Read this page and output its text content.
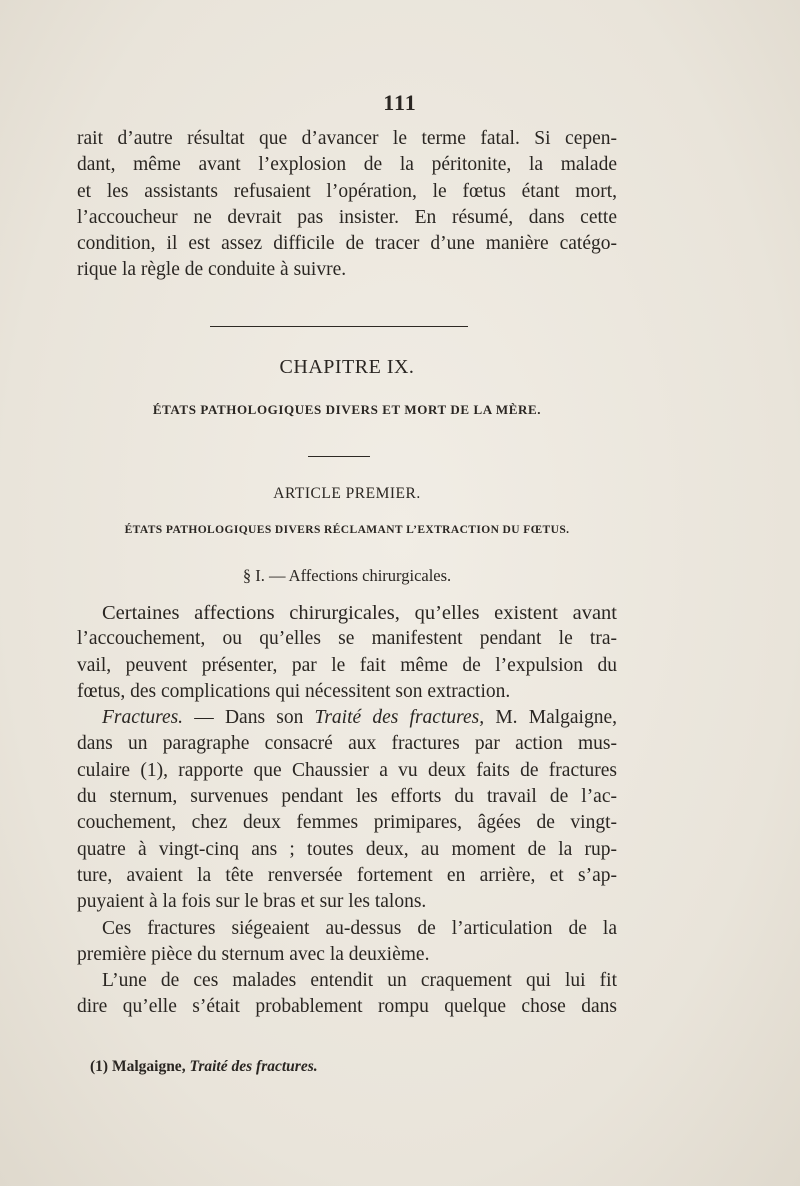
111
rait d’autre résultat que d’avancer le terme fatal. Si cepen-
dant, même avant l’explosion de la péritonite, la malade
et les assistants refusaient l’opération, le fœtus étant mort,
l’accoucheur ne devrait pas insister. En résumé, dans cette
condition, il est assez difficile de tracer d’une manière catégo-
rique la règle de conduite à suivre.
CHAPITRE IX.
ÉTATS PATHOLOGIQUES DIVERS ET MORT DE LA MÈRE.
ARTICLE PREMIER.
ÉTATS PATHOLOGIQUES DIVERS RÉCLAMANT L’EXTRACTION DU FŒTUS.
§ I. — Affections chirurgicales.
Certaines affections chirurgicales, qu’elles existent avant
l’accouchement, ou qu’elles se manifestent pendant le tra-
vail, peuvent présenter, par le fait même de l’expulsion du
fœtus, des complications qui nécessitent son extraction.
Fractures. — Dans son Traité des fractures, M. Malgaigne,
dans un paragraphe consacré aux fractures par action mus-
culaire (1), rapporte que Chaussier a vu deux faits de fractures
du sternum, survenues pendant les efforts du travail de l’ac-
couchement, chez deux femmes primipares, âgées de vingt-
quatre à vingt-cinq ans ; toutes deux, au moment de la rup-
ture, avaient la tête renversée fortement en arrière, et s’ap-
puyaient à la fois sur le bras et sur les talons.
Ces fractures siégeaient au-dessus de l’articulation de la
première pièce du sternum avec la deuxième.
L’une de ces malades entendit un craquement qui lui fit
dire qu’elle s’était probablement rompu quelque chose dans
(1) Malgaigne, Traité des fractures.
